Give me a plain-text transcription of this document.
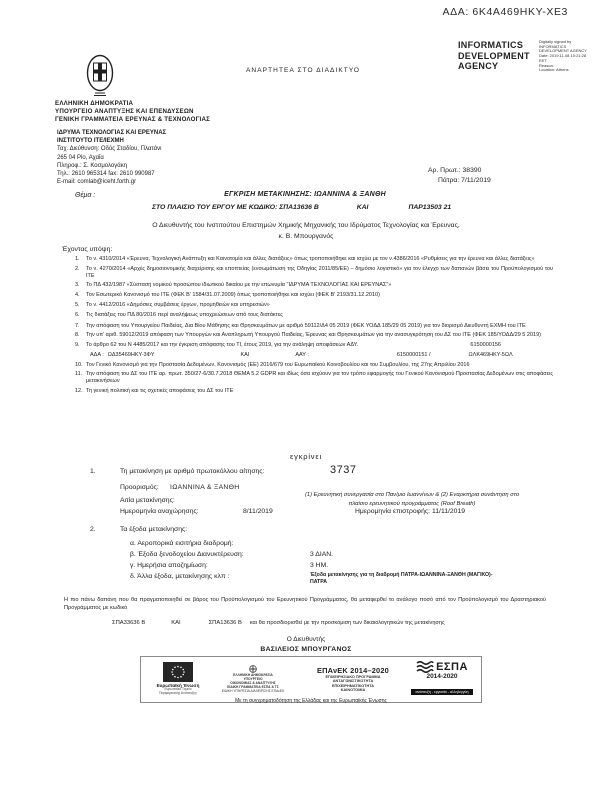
ΑΔΑ: 6Κ4Α469ΗΚΥ-ΧΕ3
ΑΝΑΡΤΗΤΕΑ ΣΤΟ ΔΙΑΔΙΚΤΥΟ
INFORMATICS DEVELOPMENT AGENCY
Digitally signed by
INFORMATICS
DEVELOPMENT AGENCY
Date: 2019.11.08 10:21:28
EET
Reason:
Location: Athens
ΕΛΛΗΝΙΚΗ ΔΗΜΟΚΡΑΤΙΑ
ΥΠΟΥΡΓΕΙΟ ΑΝΑΠΤΥΞΗΣ ΚΑΙ ΕΠΕΝΔΥΣΕΩΝ
ΓΕΝΙΚΗ ΓΡΑΜΜΑΤΕΙΑ ΕΡΕΥΝΑΣ & ΤΕΧΝΟΛΟΓΙΑΣ
ΙΔΡΥΜΑ ΤΕΧΝΟΛΟΓΙΑΣ ΚΑΙ ΕΡΕΥΝΑΣ
ΙΝΣΤΙΤΟΥΤΟ ΙΤΕ/ΙΕΧΜΗ
Ταχ. Διεύθυνση: Οδός Σταδίου, Πλατάνι
265 04 Ρίο, Αχαΐα
Πληροφ.: Σ. Κοσμολογάκη
Τηλ.: 2610 965314 fax: 2610 990987
E-mail: comlab@iceht.forth.gr
Αρ. Πρωτ.: 38390
Πάτρα: 7/11/2019
Θέμα :	ΕΓΚΡΙΣΗ ΜΕΤΑΚΙΝΗΣΗΣ: ΙΩΑΝΝΙΝΑ & ΞΑΝΘΗ
ΣΤΟ ΠΛΑΙΣΙΟ ΤΟΥ ΕΡΓΟΥ ΜΕ ΚΩΔΙΚΟ: ΣΠΑ13636 Β	ΚΑΙ	ΠΑΡ13503 21
Ο Διευθυντής του Ινστιτούτου Επιστημών Χημικής Μηχανικής του Ιδρύματος Τεχνολογίας και Έρευνας,
κ. Β. Μπουργανός
Έχοντας υπόψη:
1.	Το ν. 4310/2014 «Έρευνα, Τεχνολογική Ανάπτυξη και Καινοτομία και άλλες διατάξεις» όπως τροποποιήθηκε και ισχύει με τον ν.4386/2016 «Ρυθμίσεις για την έρευνα και άλλες διατάξεις»
2.	Το ν. 4270/2014 «Αρχές δημοσιονομικής διαχείρισης και εποπτείας (ενσωμάτωση της Οδηγίας 2011/85/ΕΕ) – δημόσιο λογιστικό» για τον έλεγχο των δαπανών βάσει του Προϋπολογισμού του ΙΤΕ
3.	Το ΠΔ 432/1987 «Σύσταση νομικού προσώπου ιδιωτικού δικαίου με την επωνυμία "ΙΔΡΥΜΑ ΤΕΧΝΟΛΟΓΙΑΣ ΚΑΙ ΕΡΕΥΝΑΣ"»
4.	Τον Εσωτερικό Κανονισμό του ΙΤΕ (ΦΕΚ Β' 1584/31.07.2009) όπως τροποποιήθηκε και ισχύει (ΦΕΚ Β' 2193/31.12.2010)
5.	Το ν. 4412/2016 «Δημόσιες συμβάσεις έργων, προμηθειών και υπηρεσιών»
6.	Τις διατάξεις του ΠΔ 80/2016 περί αναλήψεως υποχρεώσεων από τους διατάκτες
7.	Την απόφαση του Υπουργείου Παιδείας, Δια Βίου Μάθησης και Θρησκευμάτων με αριθμό 59112/Δ4 05 2019 (ΦΕΚ ΥΟΔΔ 185/29 05 2019) για τον διορισμό Διευθυντή ΕΧΜΗ του ΙΤΕ
8.	Την υπ' αριθ. 59012/2019 απόφαση των Υπουργών και Αναπληρωτή Υπουργού Παιδείας, Έρευνας και Θρησκευμάτων για την ανασυγκρότηση του ΔΣ του ΙΤΕ (ΦΕΚ 185/ΥΟΔΔ/29 5 2019)
9.	Το άρθρο 62 του Ν 4485/2017 και την έγκριση απόφασης του ΤΙ, έτους 2019, για την ανάληψη αποφάσεων ΑΔΥ.	6150000156
ΑΔΑ : ΩΔ35469ΗΚΥ-3ΦΥ	ΚΑΙ	ΑΑΥ :	6150000151 /	ΩΛΚ469ΗΚΥ-5ΩΛ
10. Τον Γενικό Κανονισμό για την Προστασία Δεδομένων, Κανονισμός (ΕΕ) 2016/679 του Ευρωπαϊκού Κοινοβουλίου και του Συμβουλίου, της 27ης Απριλίου 2016
11. Την απόφαση του ΔΣ του ΙΤΕ αρ. πρωτ. 350/27-6/30.7.2018 ΘΕΜΑ 5.2 GDPR και ιδίως όσα ισχύουν για τον τρόπο εφαρμογής του Γενικού Κανονισμού Προστασίας Δεδομένων στις αποφάσεις μετακινήσεων
12. Τη γενική πολιτική και τις σχετικές αποφάσεις του ΔΣ του ΙΤΕ
εγκρίνει
1.	Τη μετακίνηση με αριθμό πρωτοκόλλου αίτησης:	3737
Προορισμός: ΙΩΑΝΝΙΝΑ & ΞΑΝΘΗ
Αιτία μετακίνησης:
(1) Ερευνητική συνεργασία στο Παν/μιο Ιωαννίνων & (2) Εναρκτήρια συνάντηση στο
πλαίσιο ερευνητικού προγράμματος (Roof Breath)
Ημερομηνία αναχώρησης:	8/11/2019	Ημερομηνία επιστροφής: 11/11/2019
2.	Τα έξοδα μετακίνησης:
α. Αεροπορικά εισιτήρια διαδρομή:
β. Έξοδα ξενοδοχείου Διανυκτέρευση:	3 ΔΙΑΝ.
γ. Ημερήσια αποζημίωση:	3 ΗΜ.
δ. Άλλα έξοδα, μετακίνησης κλπ :	Έξοδα μετακίνησης για τη διαδρομή ΠΑΤΡΑ-ΙΩΑΝΝΙΝΑ-ΞΑΝΘΗ (ΜΑΓΙΚΟ)-
ΠΑΤΡΑ
Η πιο πάνω δαπάνη που θα πραγματοποιηθεί σε βάρος του Προϋπολογισμού του Ερευνητικού Προγράμματος, θα μεταφερθεί το ανάλογο ποσό από τον Προϋπολογισμό του Δραστηριακού Προγράμματος με κωδικό
ΣΠΑ33636 Β	ΚΑΙ	ΣΠΑ13636 Β και θα προσδιορισθεί με την προσκόμιση των δικαιολογητικών της μετακίνησης
Ο Διευθυντής
ΒΑΣΙΛΕΙΟΣ ΜΠΟΥΡΓΑΝΟΣ
Ευρωπαϊκή Ένωση
Ευρωπαϊκό Ταμείο
Περιφερειακής Ανάπτυξης
ΕΛΛΗΝΙΚΗ ΔΗΜΟΚΡΑΤΙΑ
ΥΠΟΥΡΓΕΙΟ
ΟΙΚΟΝΟΜΙΑΣ & ΑΝΑΠΤΥΞΗΣ
ΕΙΔΙΚΗ ΓΡΑΜΜΑΤΕΙΑ ΕΣΠΑ & ΤΣ
ΕΙΔΙΚΗ ΥΠΗΡΕΣΙΑ ΔΙΑΧΕΙΡΙΣΗΣ ΕΠΑνΕΚ
ΕΠΑνΕΚ 2014–2020
ΕΠΙΧΕΙΡΗΣΙΑΚΟ ΠΡΟΓΡΑΜΜΑ
ΑΝΤΑΓΩΝΙΣΤΙΚΟΤΗΤΑ
ΕΠΙΧΕΙΡΗΜΑΤΙΚΟΤΗΤΑ
ΚΑΙΝΟΤΟΜΙΑ
ΕΣΠΑ
2014-2020
ανάπτυξη - εργασία - αλληλεγγύη
Με τη συγχρηματοδότηση της Ελλάδας και της Ευρωπαϊκής Ένωσης
